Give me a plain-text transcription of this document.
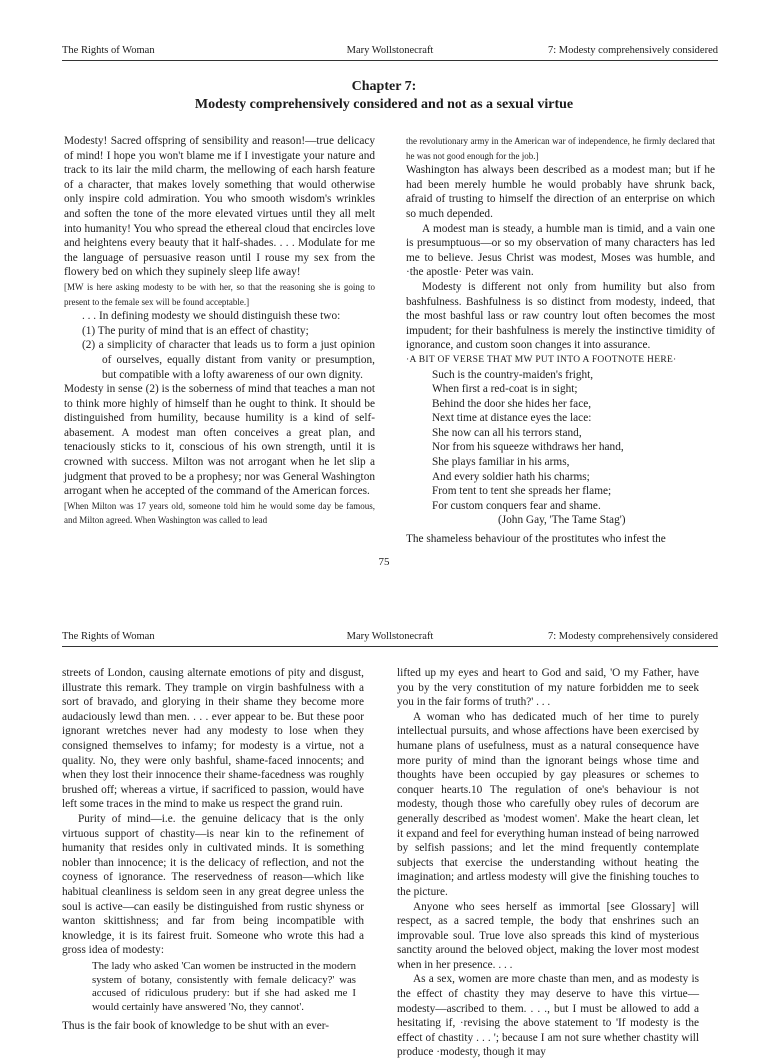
The Rights of Woman	Mary Wollstonecraft	7: Modesty comprehensively considered
Chapter 7:
Modesty comprehensively considered and not as a sexual virtue

Modesty! Sacred offspring of sensibility and reason!—true delicacy of mind! I hope you won't blame me if I investigate your nature and track to its lair the mild charm, the mellowing of each harsh feature of a character, that makes lovely something that would otherwise only inspire cold admiration. You who smooth wisdom's wrinkles and soften the tone of the more elevated virtues until they all melt into humanity! You who spread the ethereal cloud that encircles love and heightens every beauty that it half-shades. . . . Modulate for me the language of persuasive reason until I rouse my sex from the flowery bed on which they supinely sleep life away!

[MW is here asking modesty to be with her, so that the reasoning she is going to present to the female sex will be found acceptable.]

. . . In defining modesty we should distinguish these two:

(1) The purity of mind that is an effect of chastity;

(2) a simplicity of character that leads us to form a just opinion of ourselves, equally distant from vanity or presumption, but compatible with a lofty awareness of our own dignity.

Modesty in sense (2) is the soberness of mind that teaches a man not to think more highly of himself than he ought to think. It should be distinguished from humility, because humility is a kind of self-abasement. A modest man often conceives a great plan, and tenaciously sticks to it, conscious of his own strength, until it is crowned with success. Milton was not arrogant when he let slip a judgment that proved to be a prophesy; nor was General Washington arrogant when he accepted of the command of the American forces.

[When Milton was 17 years old, someone told him he would some day be famous, and Milton agreed. When Washington was called to lead

the revolutionary army in the American war of independence, he firmly declared that he was not good enough for the job.]

Washington has always been described as a modest man; but if he had been merely humble he would probably have shrunk back, afraid of trusting to himself the direction of an enterprise on which so much depended.

A modest man is steady, a humble man is timid, and a vain one is presumptuous—or so my observation of many characters has led me to believe. Jesus Christ was modest, Moses was humble, and ·the apostle· Peter was vain.

Modesty is different not only from humility but also from bashfulness. Bashfulness is so distinct from modesty, indeed, that the most bashful lass or raw country lout often becomes the most impudent; for their bashfulness is merely the instinctive timidity of ignorance, and custom soon changes it into assurance.

·A BIT OF VERSE THAT MW PUT INTO A FOOTNOTE HERE·

Such is the country-maiden's fright,

When first a red-coat is in sight;

Behind the door she hides her face,

Next time at distance eyes the lace:

She now can all his terrors stand,

Nor from his squeeze withdraws her hand,

She plays familiar in his arms,

And every soldier hath his charms;

From tent to tent she spreads her flame;

For custom conquers fear and shame.

(John Gay, 'The Tame Stag')

The shameless behaviour of the prostitutes who infest the

75
The Rights of Woman	Mary Wollstonecraft	7: Modesty comprehensively considered

streets of London, causing alternate emotions of pity and disgust, illustrate this remark. They trample on virgin bashfulness with a sort of bravado, and glorying in their shame they become more audaciously lewd than men. . . . ever appear to be. But these poor ignorant wretches never had any modesty to lose when they consigned themselves to infamy; for modesty is a virtue, not a quality. No, they were only bashful, shame-faced innocents; and when they lost their innocence their shame-facedness was roughly brushed off; whereas a virtue, if sacrificed to passion, would have left some traces in the mind to make us respect the grand ruin.

Purity of mind—i.e. the genuine delicacy that is the only virtuous support of chastity—is near kin to the refinement of humanity that resides only in cultivated minds. It is something nobler than innocence; it is the delicacy of reflection, and not the coyness of ignorance. The reservedness of reason—which like habitual cleanliness is seldom seen in any great degree unless the soul is active—can easily be distinguished from rustic shyness or wanton skittishness; and far from being incompatible with knowledge, it is its fairest fruit. Someone who wrote this had a gross idea of modesty:

The lady who asked 'Can women be instructed in the modern system of botany, consistently with female delicacy?' was accused of ridiculous prudery: but if she had asked me I would certainly have answered 'No, they cannot'.

Thus is the fair book of knowledge to be shut with an ever-

lifted up my eyes and heart to God and said, 'O my Father, have you by the very constitution of my nature forbidden me to seek you in the fair forms of truth?' . . .

A woman who has dedicated much of her time to purely intellectual pursuits, and whose affections have been exercised by humane plans of usefulness, must as a natural consequence have more purity of mind than the ignorant beings whose time and thoughts have been occupied by gay pleasures or schemes to conquer hearts.10 The regulation of one's behaviour is not modesty, though those who carefully obey rules of decorum are generally described as 'modest women'. Make the heart clean, let it expand and feel for everything human instead of being narrowed by selfish passions; and let the mind frequently contemplate subjects that exercise the understanding without heating the imagination; and artless modesty will give the finishing touches to the picture.

Anyone who sees herself as immortal [see Glossary] will respect, as a sacred temple, the body that enshrines such an improvable soul. True love also spreads this kind of mysterious sanctity around the beloved object, making the lover most modest when in her presence. . . .

As a sex, women are more chaste than men, and as modesty is the effect of chastity they may deserve to have this virtue—modesty—ascribed to them. . . ., but I must be allowed to add a hesitating if, ·revising the above statement to 'If modesty is the effect of chastity . . . '; because I am not sure whether chastity will produce ·modesty, though it may
